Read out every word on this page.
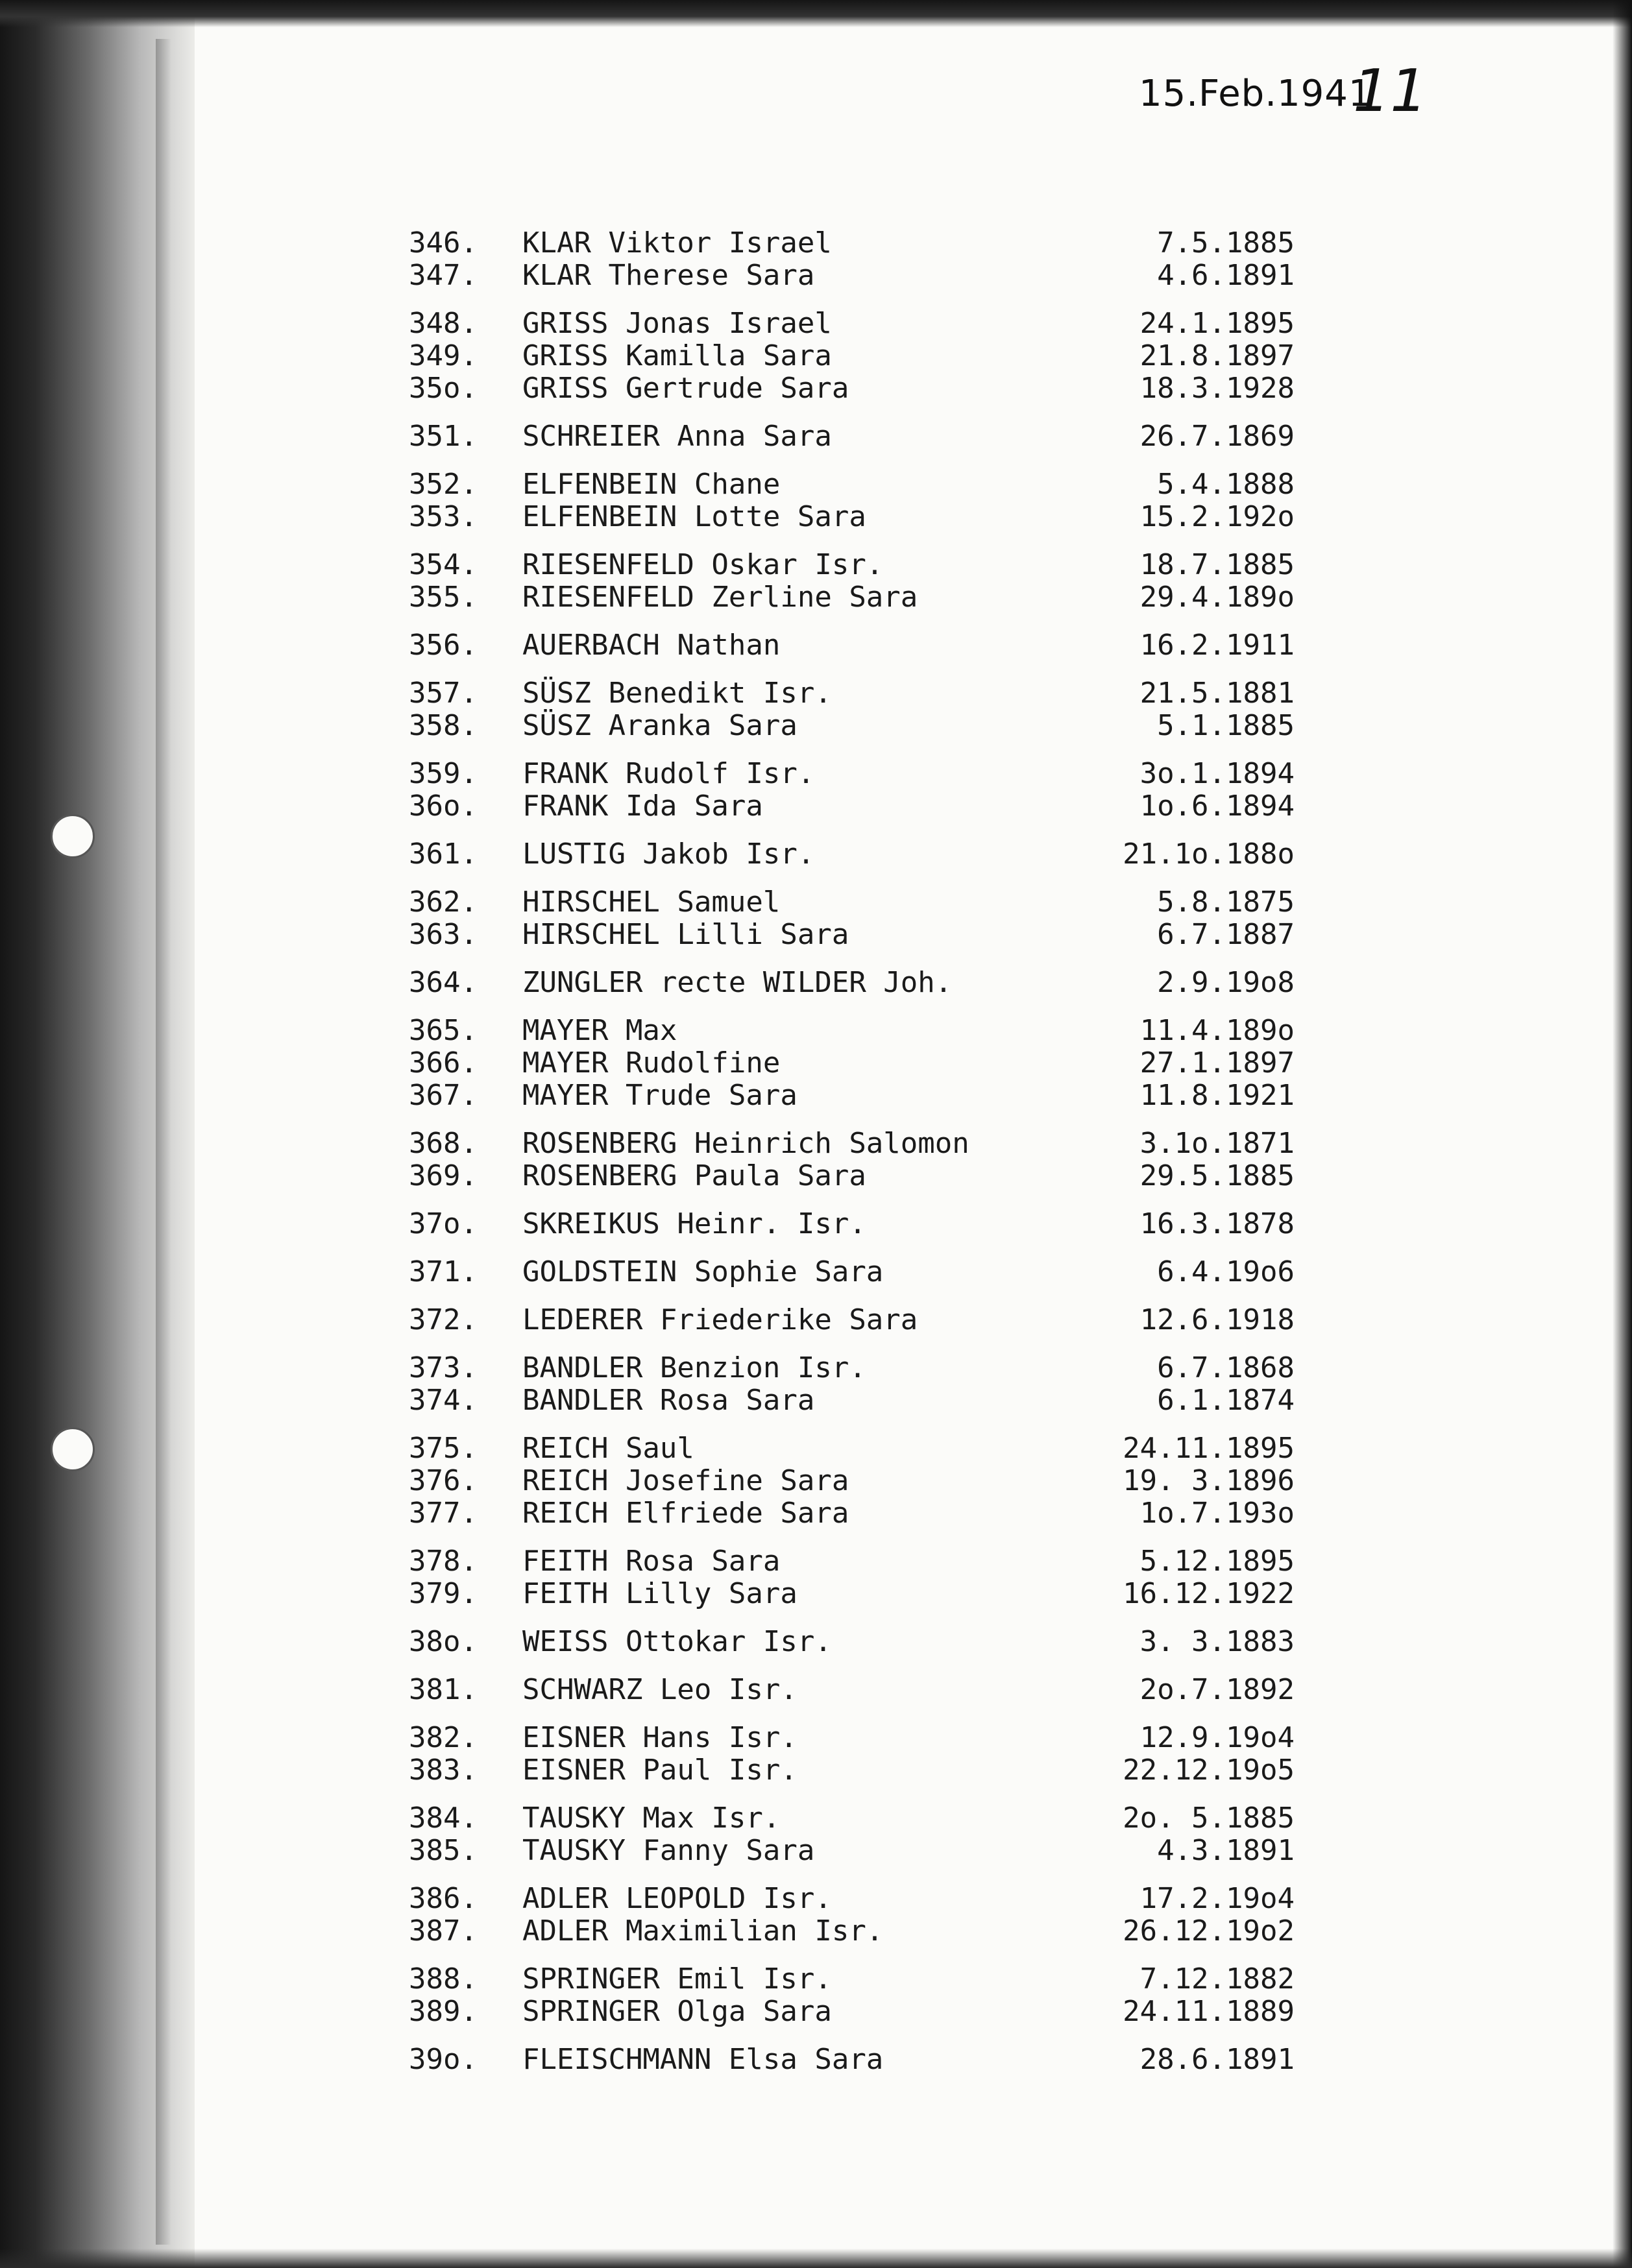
15.Feb.1941
11
346.	KLAR Viktor Israel	7.5.1885
347.	KLAR Therese Sara	4.6.1891
348.	GRISS Jonas Israel	24.1.1895
349.	GRISS Kamilla Sara	21.8.1897
35o.	GRISS Gertrude Sara	18.3.1928
351.	SCHREIER Anna Sara	26.7.1869
352.	ELFENBEIN Chane	5.4.1888
353.	ELFENBEIN Lotte Sara	15.2.192o
354.	RIESENFELD Oskar Isr.	18.7.1885
355.	RIESENFELD Zerline Sara	29.4.189o
356.	AUERBACH Nathan	16.2.1911
357.	SÜSZ Benedikt Isr.	21.5.1881
358.	SÜSZ Aranka Sara	5.1.1885
359.	FRANK Rudolf Isr.	3o.1.1894
36o.	FRANK Ida Sara	1o.6.1894
361.	LUSTIG Jakob Isr.	21.1o.188o
362.	HIRSCHEL Samuel	5.8.1875
363.	HIRSCHEL Lilli Sara	6.7.1887
364.	ZUNGLER recte WILDER Joh.	2.9.19o8
365.	MAYER Max	11.4.189o
366.	MAYER Rudolfine	27.1.1897
367.	MAYER Trude Sara	11.8.1921
368.	ROSENBERG Heinrich Salomon	3.1o.1871
369.	ROSENBERG Paula Sara	29.5.1885
37o.	SKREIKUS Heinr. Isr.	16.3.1878
371.	GOLDSTEIN Sophie Sara	6.4.19o6
372.	LEDERER Friederike Sara	12.6.1918
373.	BANDLER Benzion Isr.	6.7.1868
374.	BANDLER Rosa Sara	6.1.1874
375.	REICH Saul	24.11.1895
376.	REICH Josefine Sara	19. 3.1896
377.	REICH Elfriede Sara	1o.7.193o
378.	FEITH Rosa Sara	5.12.1895
379.	FEITH Lilly Sara	16.12.1922
38o.	WEISS Ottokar Isr.	3. 3.1883
381.	SCHWARZ Leo Isr.	2o.7.1892
382.	EISNER Hans Isr.	12.9.19o4
383.	EISNER Paul Isr.	22.12.19o5
384.	TAUSKY Max Isr.	2o. 5.1885
385.	TAUSKY Fanny Sara	4.3.1891
386.	ADLER LEOPOLD Isr.	17.2.19o4
387.	ADLER Maximilian Isr.	26.12.19o2
388.	SPRINGER Emil Isr.	7.12.1882
389.	SPRINGER Olga Sara	24.11.1889
39o.	FLEISCHMANN Elsa Sara	28.6.1891
